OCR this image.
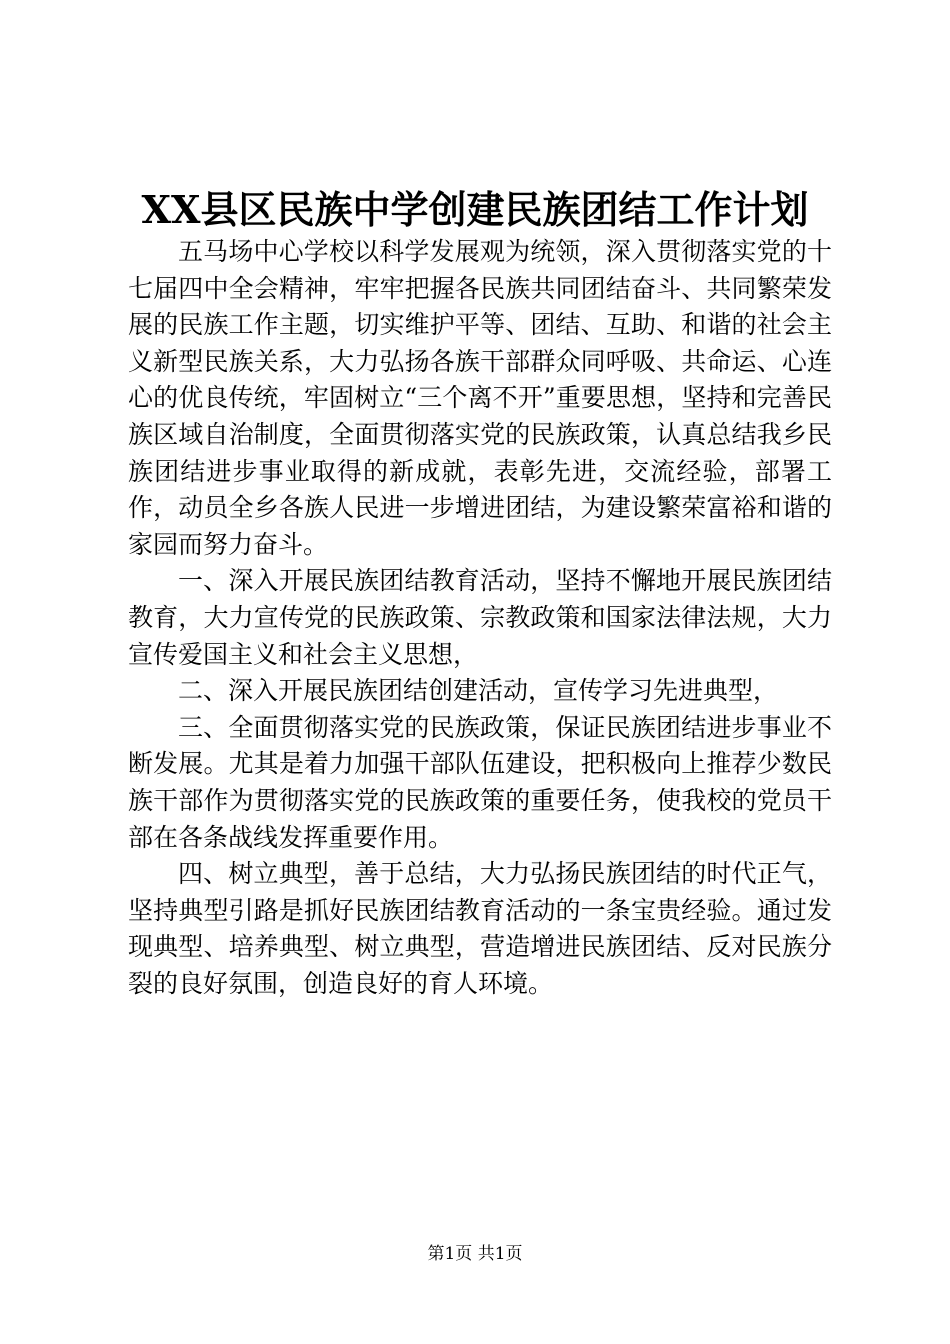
XX县区民族中学创建民族团结工作计划

五马场中心学校以科学发展观为统领，深入贯彻落实党的十七届四中全会精神，牢牢把握各民族共同团结奋斗、共同繁荣发展的民族工作主题，切实维护平等、团结、互助、和谐的社会主义新型民族关系，大力弘扬各族干部群众同呼吸、共命运、心连心的优良传统，牢固树立“三个离不开”重要思想，坚持和完善民族区域自治制度，全面贯彻落实党的民族政策，认真总结我乡民族团结进步事业取得的新成就，表彰先进，交流经验，部署工作，动员全乡各族人民进一步增进团结，为建设繁荣富裕和谐的家园而努力奋斗。

一、深入开展民族团结教育活动，坚持不懈地开展民族团结教育，大力宣传党的民族政策、宗教政策和国家法律法规，大力宣传爱国主义和社会主义思想，

二、深入开展民族团结创建活动，宣传学习先进典型，

三、全面贯彻落实党的民族政策，保证民族团结进步事业不断发展。尤其是着力加强干部队伍建设，把积极向上推荐少数民族干部作为贯彻落实党的民族政策的重要任务，使我校的党员干部在各条战线发挥重要作用。

四、树立典型，善于总结，大力弘扬民族团结的时代正气，坚持典型引路是抓好民族团结教育活动的一条宝贵经验。通过发现典型、培养典型、树立典型，营造增进民族团结、反对民族分裂的良好氛围，创造良好的育人环境。

第1页 共1页
